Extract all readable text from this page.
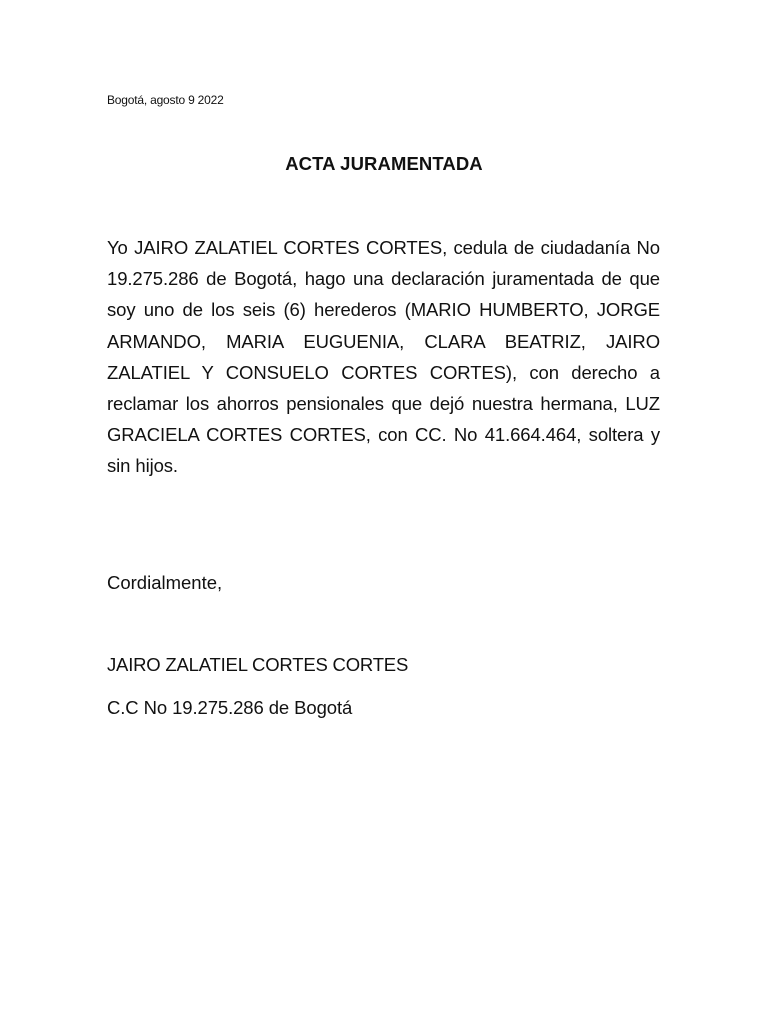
Bogotá, agosto 9 2022
ACTA JURAMENTADA

Yo JAIRO ZALATIEL CORTES CORTES, cedula de ciudadanía No 19.275.286 de Bogotá, hago una declaración juramentada de que soy uno de los seis (6) herederos (MARIO HUMBERTO, JORGE ARMANDO, MARIA EUGUENIA, CLARA BEATRIZ, JAIRO ZALATIEL Y CONSUELO CORTES CORTES), con derecho a reclamar los ahorros pensionales que dejó nuestra hermana, LUZ GRACIELA CORTES CORTES, con CC. No 41.664.464, soltera y sin hijos.

Cordialmente,
JAIRO ZALATIEL CORTES CORTES
C.C No 19.275.286 de Bogotá
